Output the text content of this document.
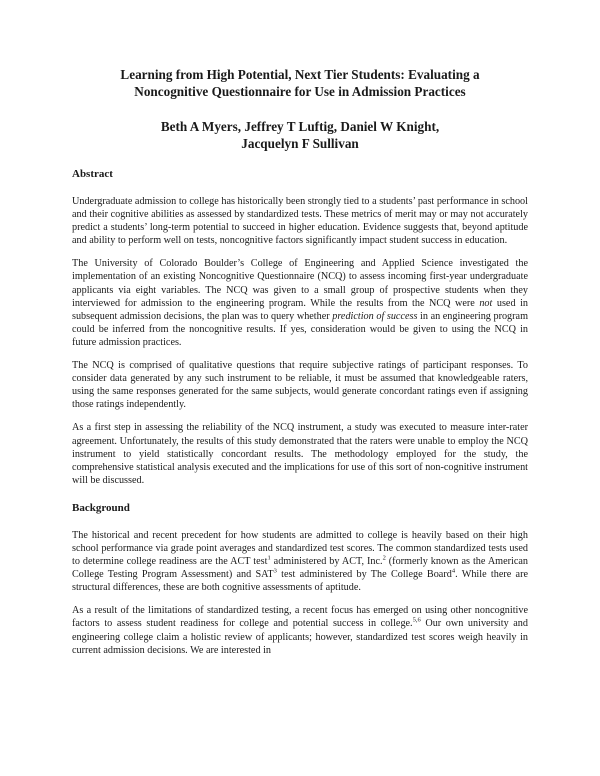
Learning from High Potential, Next Tier Students: Evaluating a
Noncognitive Questionnaire for Use in Admission Practices
Beth A Myers, Jeffrey T Luftig, Daniel W Knight,
Jacquelyn F Sullivan
Abstract

Undergraduate admission to college has historically been strongly tied to a students’ past performance in school and their cognitive abilities as assessed by standardized tests. These metrics of merit may or may not accurately predict a students’ long-term potential to succeed in higher education. Evidence suggests that, beyond aptitude and ability to perform well on tests, noncognitive factors significantly impact student success in education.

The University of Colorado Boulder’s College of Engineering and Applied Science investigated the implementation of an existing Noncognitive Questionnaire (NCQ) to assess incoming first-year undergraduate applicants via eight variables. The NCQ was given to a small group of prospective students when they interviewed for admission to the engineering program. While the results from the NCQ were not used in subsequent admission decisions, the plan was to query whether prediction of success in an engineering program could be inferred from the noncognitive results. If yes, consideration would be given to using the NCQ in future admission practices.

The NCQ is comprised of qualitative questions that require subjective ratings of participant responses. To consider data generated by any such instrument to be reliable, it must be assumed that knowledgeable raters, using the same responses generated for the same subjects, would generate concordant ratings even if assigning those ratings independently.

As a first step in assessing the reliability of the NCQ instrument, a study was executed to measure inter-rater agreement. Unfortunately, the results of this study demonstrated that the raters were unable to employ the NCQ instrument to yield statistically concordant results. The methodology employed for the study, the comprehensive statistical analysis executed and the implications for use of this sort of non-cognitive instrument will be discussed.

Background

The historical and recent precedent for how students are admitted to college is heavily based on their high school performance via grade point averages and standardized test scores. The common standardized tests used to determine college readiness are the ACT test$^1$ administered by ACT, Inc.$^2$ (formerly known as the American College Testing Program Assessment) and SAT$^3$ test administered by The College Board$^4$. While there are structural differences, these are both cognitive assessments of aptitude.

As a result of the limitations of standardized testing, a recent focus has emerged on using other noncognitive factors to assess student readiness for college and potential success in college.$^{5,6}$ Our own university and engineering college claim a holistic review of applicants; however, standardized test scores weigh heavily in current admission decisions. We are interested in
